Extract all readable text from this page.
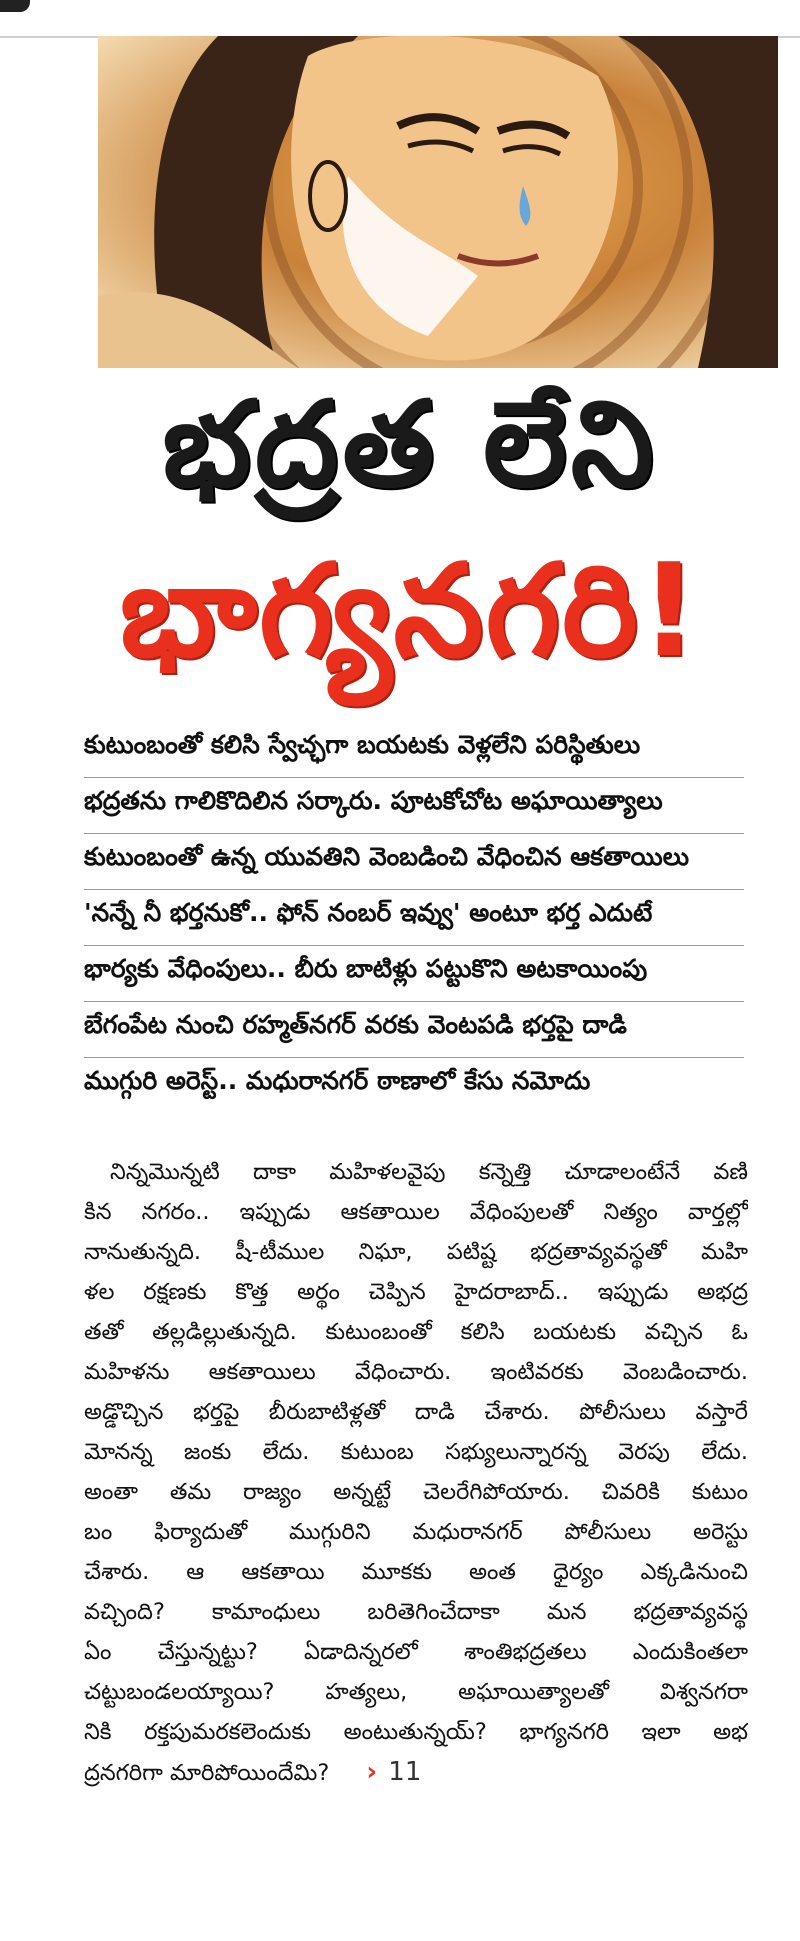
భద్రత లేని
భాగ్యనగరి!
కుటుంబంతో కలిసి స్వేచ్ఛగా బయటకు వెళ్లలేని పరిస్థితులు
భద్రతను గాలికొదిలిన సర్కారు. పూటకోచోట అఘాయిత్యాలు
కుటుంబంతో ఉన్న యువతిని వెంబడించి వేధించిన ఆకతాయిలు
'నన్నే నీ భర్తనుకో.. ఫోన్ నంబర్ ఇవ్వు' అంటూ భర్త ఎదుటే
భార్యకు వేధింపులు.. బీరు బాటిళ్లు పట్టుకొని అటకాయింపు
బేగంపేట నుంచి రహ్మత్‌నగర్ వరకు వెంటపడి భర్తపై దాడి
ముగ్గురి అరెస్ట్.. మధురానగర్ ఠాణాలో కేసు నమోదు
నిన్నమొన్నటి దాకా మహిళలవైపు కన్నెత్తి చూడాలంటేనే వణి
కిన నగరం.. ఇప్పుడు ఆకతాయిల వేధింపులతో నిత్యం వార్తల్లో
నానుతున్నది. షీ-టీముల నిఘా, పటిష్ట భద్రతావ్యవస్థతో మహి
ళల రక్షణకు కొత్త అర్థం చెప్పిన హైదరాబాద్.. ఇప్పుడు అభద్ర
తతో తల్లడిల్లుతున్నది. కుటుంబంతో కలిసి బయటకు వచ్చిన ఓ
మహిళను ఆకతాయిలు వేధించారు. ఇంటివరకు వెంబడించారు.
అడ్డొచ్చిన భర్తపై బీరుబాటిళ్లతో దాడి చేశారు. పోలీసులు వస్తారే
మోనన్న జంకు లేదు. కుటుంబ సభ్యులున్నారన్న వెరపు లేదు.
అంతా తమ రాజ్యం అన్నట్టే చెలరేగిపోయారు. చివరికి కుటుం
బం ఫిర్యాదుతో ముగ్గురిని మధురానగర్ పోలీసులు అరెస్టు
చేశారు. ఆ ఆకతాయి మూకకు అంత ధైర్యం ఎక్కడినుంచి
వచ్చింది? కామాంధులు బరితెగించేదాకా మన భద్రతావ్యవస్థ
ఏం చేస్తున్నట్టు? ఏడాదిన్నరలో శాంతిభద్రతలు ఎందుకింతలా
చట్టుబండలయ్యాయి? హత్యలు, అఘాయిత్యాలతో విశ్వనగరా
నికి రక్తపుమరకలెందుకు అంటుతున్నయ్? భాగ్యనగరి ఇలా అభ
ద్రనగరిగా మారిపోయిందేమి? › 11
